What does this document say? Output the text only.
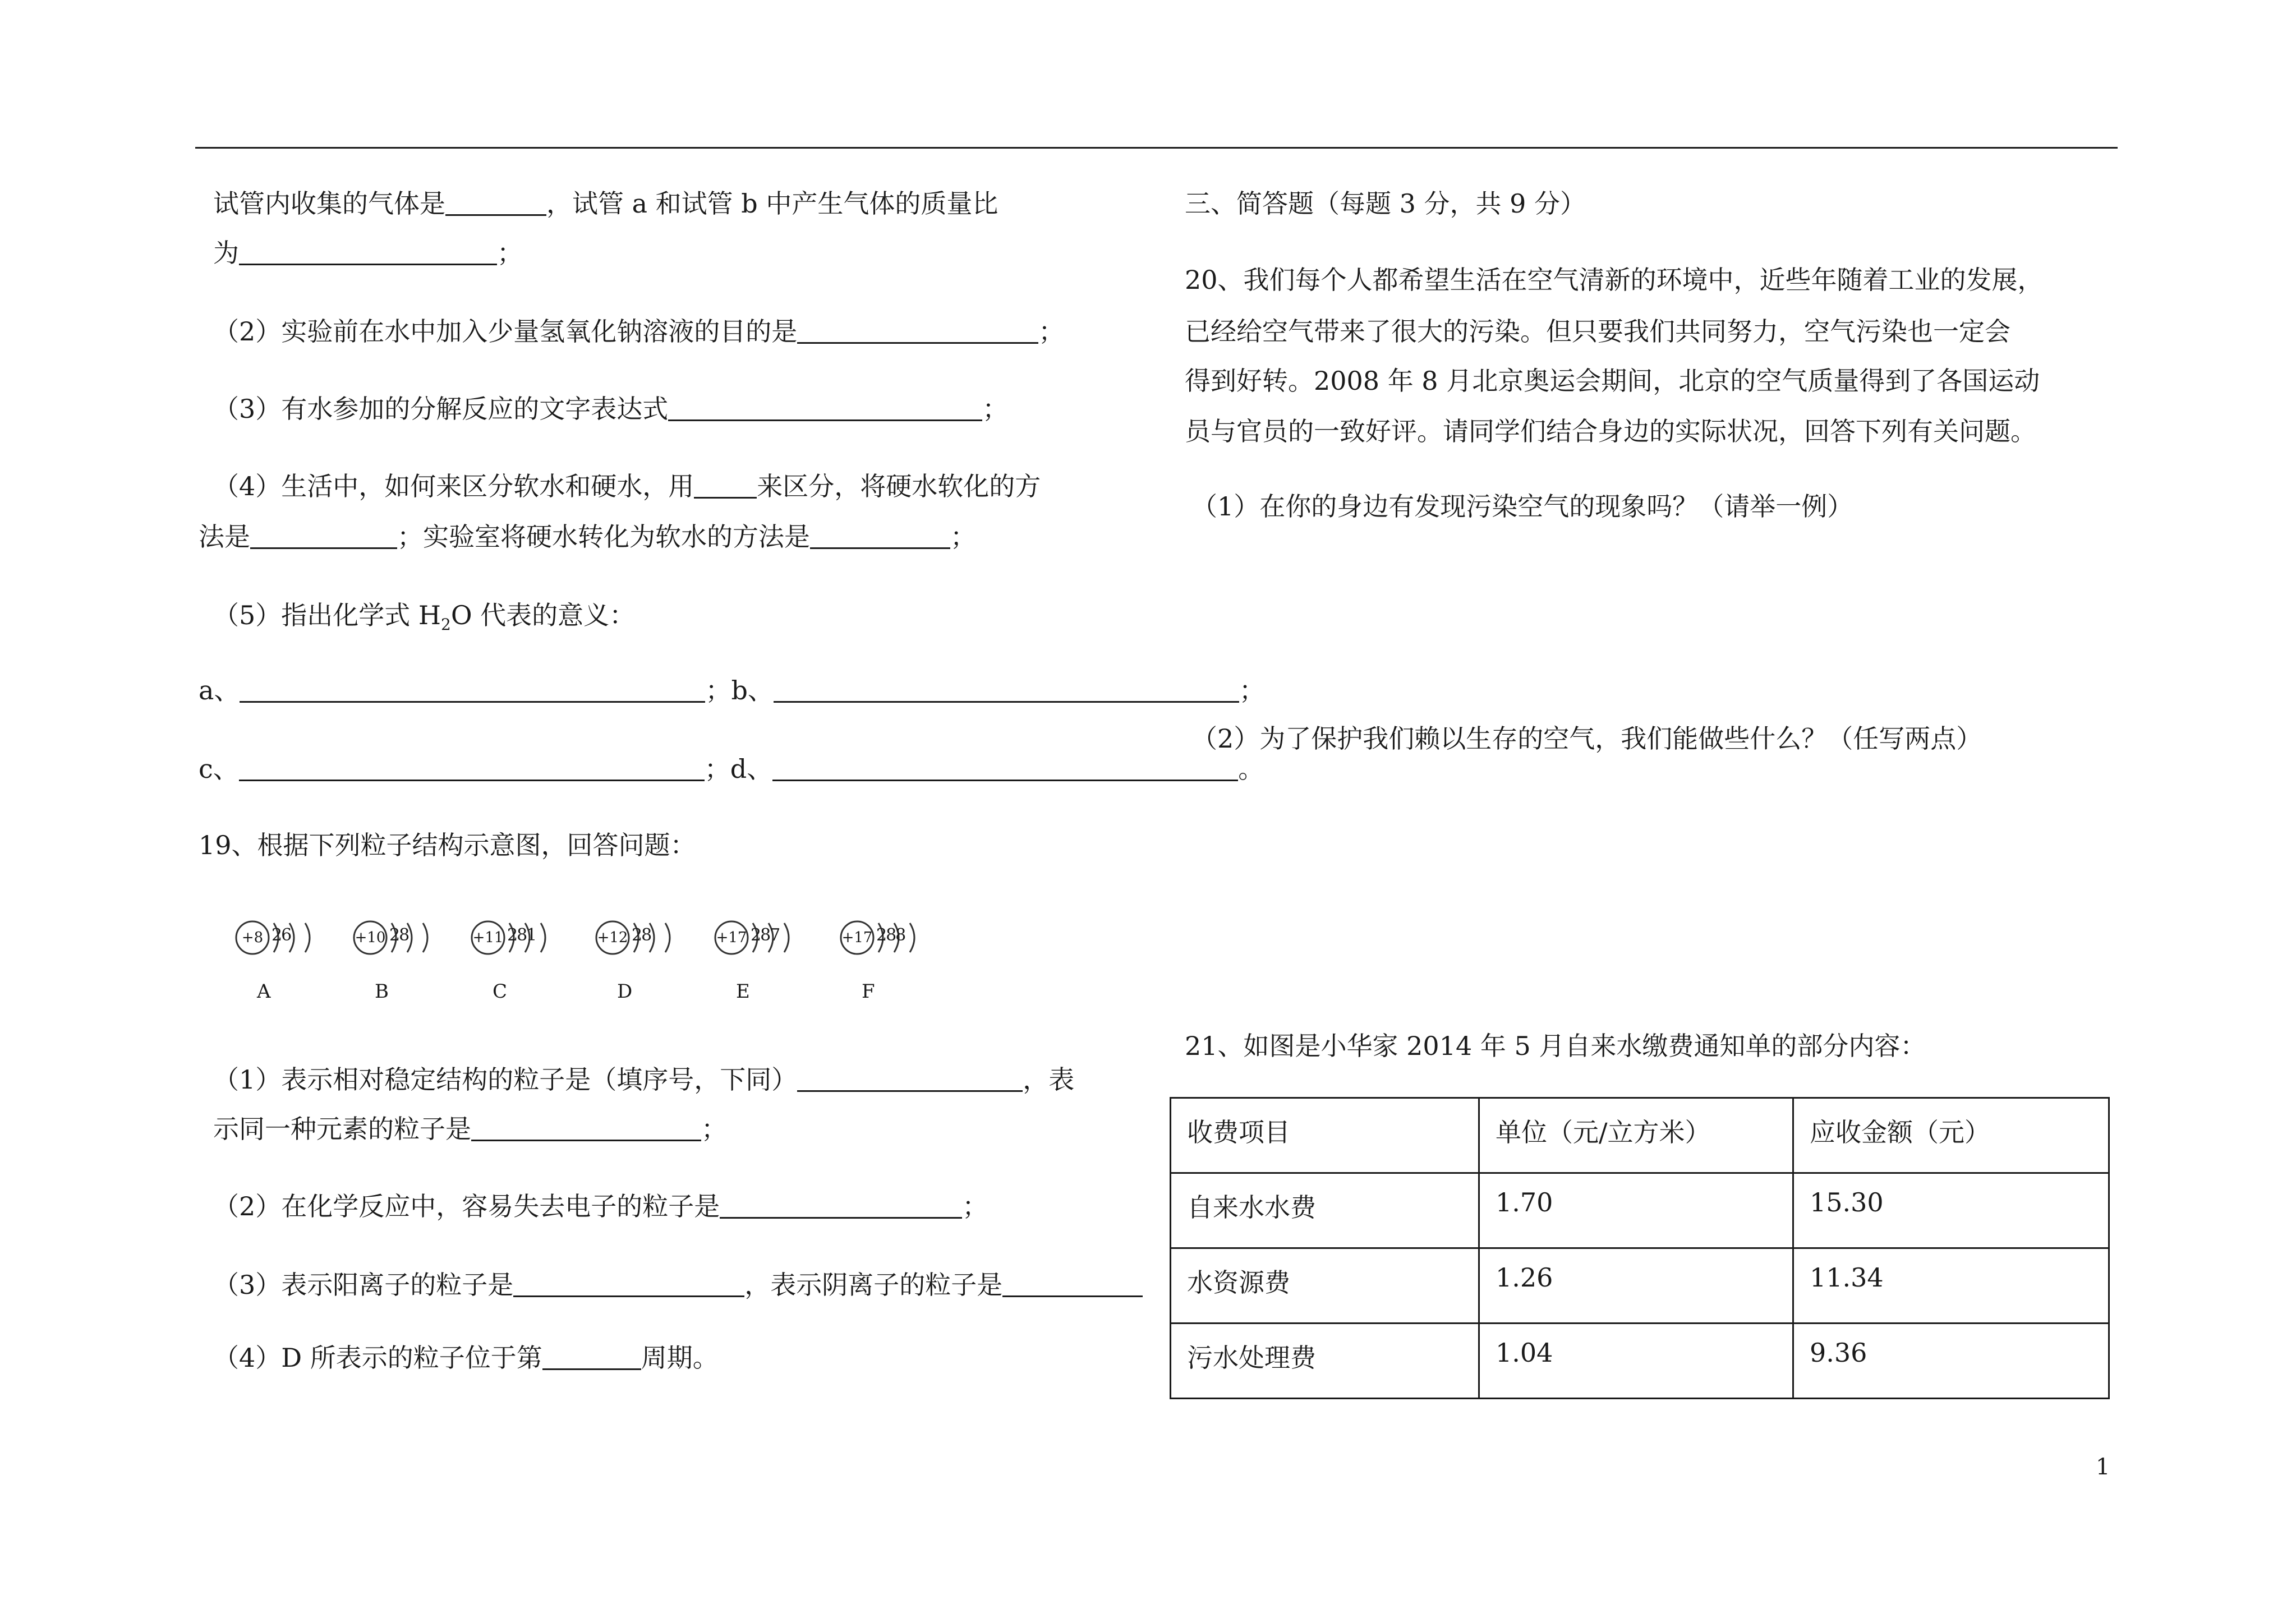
试管内收集的气体是	，试管 a 和试管 b 中产生气体的质量比
为	；
（2）实验前在水中加入少量氢氧化钠溶液的目的是	；
（3）有水参加的分解反应的文字表达式	；
（4）生活中，如何来区分软水和硬水，用 来区分，将硬水软化的方
法是	；实验室将硬水转化为软水的方法是	；
（5）指出化学式 $H_2O$ 代表的意义：
a、	；b、	；
c、	；d、	。
19、根据下列粒子结构示意图，回答问题：
+8 26
A
+10 28
B
+11 281
C
+12 28
D
+17 287
E
+17 288
F
（1）表示相对稳定结构的粒子是（填序号，下同）	，表
示同一种元素的粒子是	；
（2）在化学反应中，容易失去电子的粒子是	；
（3）表示阳离子的粒子是	，表示阴离子的粒子是
（4）D 所表示的粒子位于第	周期。
三、简答题（每题 3 分，共 9 分）
20、我们每个人都希望生活在空气清新的环境中，近些年随着工业的发展，
已经给空气带来了很大的污染。但只要我们共同努力，空气污染也一定会
得到好转。2008 年 8 月北京奥运会期间，北京的空气质量得到了各国运动
员与官员的一致好评。请同学们结合身边的实际状况，回答下列有关问题。
（1）在你的身边有发现污染空气的现象吗？（请举一例）
（2）为了保护我们赖以生存的空气，我们能做些什么？（任写两点）
21、如图是小华家 2014 年 5 月自来水缴费通知单的部分内容：
收费项目	单位（元/立方米）	应收金额（元）
自来水水费	1.70	15.30
水资源费	1.26	11.34
污水处理费	1.04	9.36
1
